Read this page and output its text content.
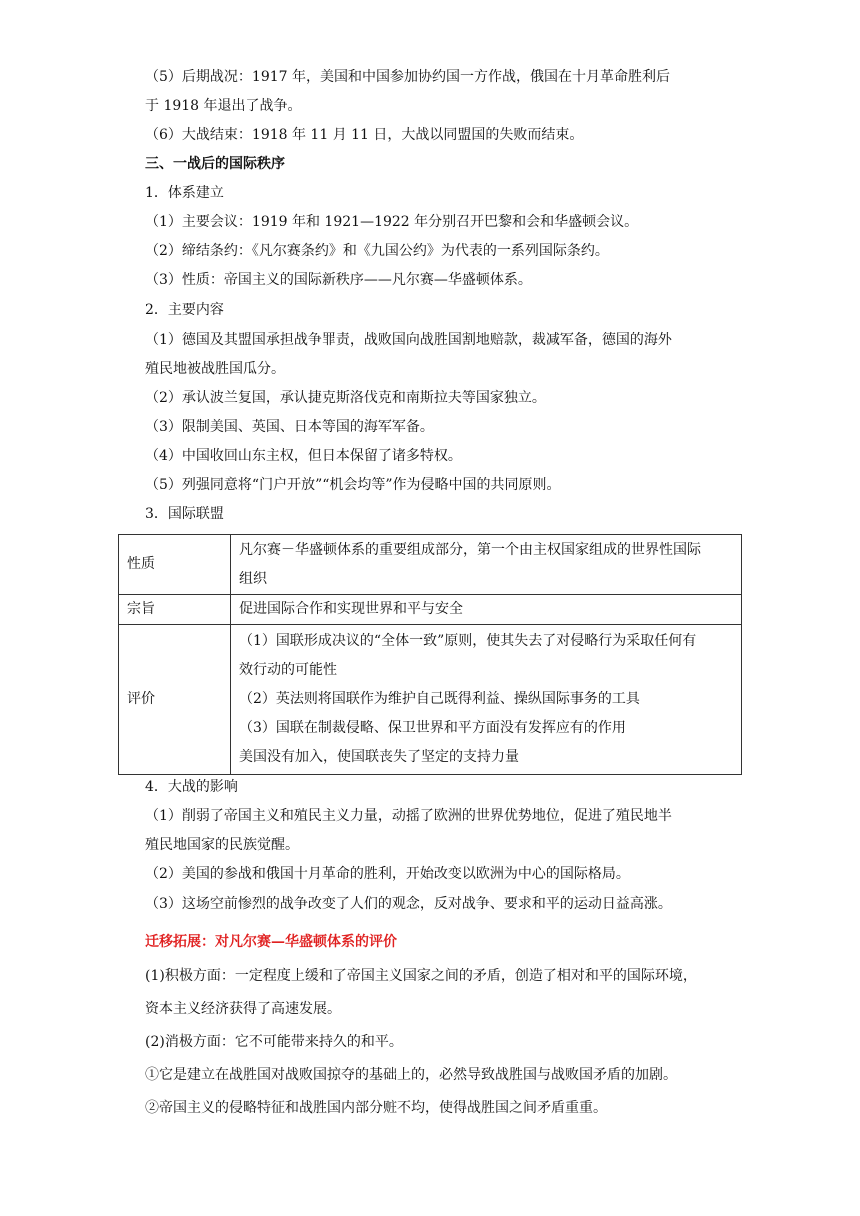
（5）后期战况：1917 年，美国和中国参加协约国一方作战，俄国在十月革命胜利后
于 1918 年退出了战争。
（6）大战结束：1918 年 11 月 11 日，大战以同盟国的失败而结束。
三、一战后的国际秩序
1．体系建立
（1）主要会议：1919 年和 1921—1922 年分别召开巴黎和会和华盛顿会议。
（2）缔结条约：《凡尔赛条约》和《九国公约》为代表的一系列国际条约。
（3）性质：帝国主义的国际新秩序——凡尔赛—华盛顿体系。
2．主要内容
（1）德国及其盟国承担战争罪责，战败国向战胜国割地赔款，裁减军备，德国的海外
殖民地被战胜国瓜分。
（2）承认波兰复国，承认捷克斯洛伐克和南斯拉夫等国家独立。
（3）限制美国、英国、日本等国的海军军备。
（4）中国收回山东主权，但日本保留了诸多特权。
（5）列强同意将“门户开放”“机会均等”作为侵略中国的共同原则。
3．国际联盟
性质	凡尔赛－华盛顿体系的重要组成部分，第一个由主权国家组成的世界性国际
组织

宗旨	促进国际合作和实现世界和平与安全
评价	（1）国联形成决议的“全体一致”原则，使其失去了对侵略行为采取任何有
效行动的可能性
（2）英法则将国联作为维护自己既得利益、操纵国际事务的工具
（3）国联在制裁侵略、保卫世界和平方面没有发挥应有的作用
美国没有加入，使国联丧失了坚定的支持力量
4．大战的影响
（1）削弱了帝国主义和殖民主义力量，动摇了欧洲的世界优势地位，促进了殖民地半
殖民地国家的民族觉醒。
（2）美国的参战和俄国十月革命的胜利，开始改变以欧洲为中心的国际格局。
（3）这场空前惨烈的战争改变了人们的观念，反对战争、要求和平的运动日益高涨。
迁移拓展：对凡尔赛—华盛顿体系的评价
(1)积极方面：一定程度上缓和了帝国主义国家之间的矛盾，创造了相对和平的国际环境，
资本主义经济获得了高速发展。
(2)消极方面：它不可能带来持久的和平。
①它是建立在战胜国对战败国掠夺的基础上的，必然导致战胜国与战败国矛盾的加剧。
②帝国主义的侵略特征和战胜国内部分赃不均，使得战胜国之间矛盾重重。
